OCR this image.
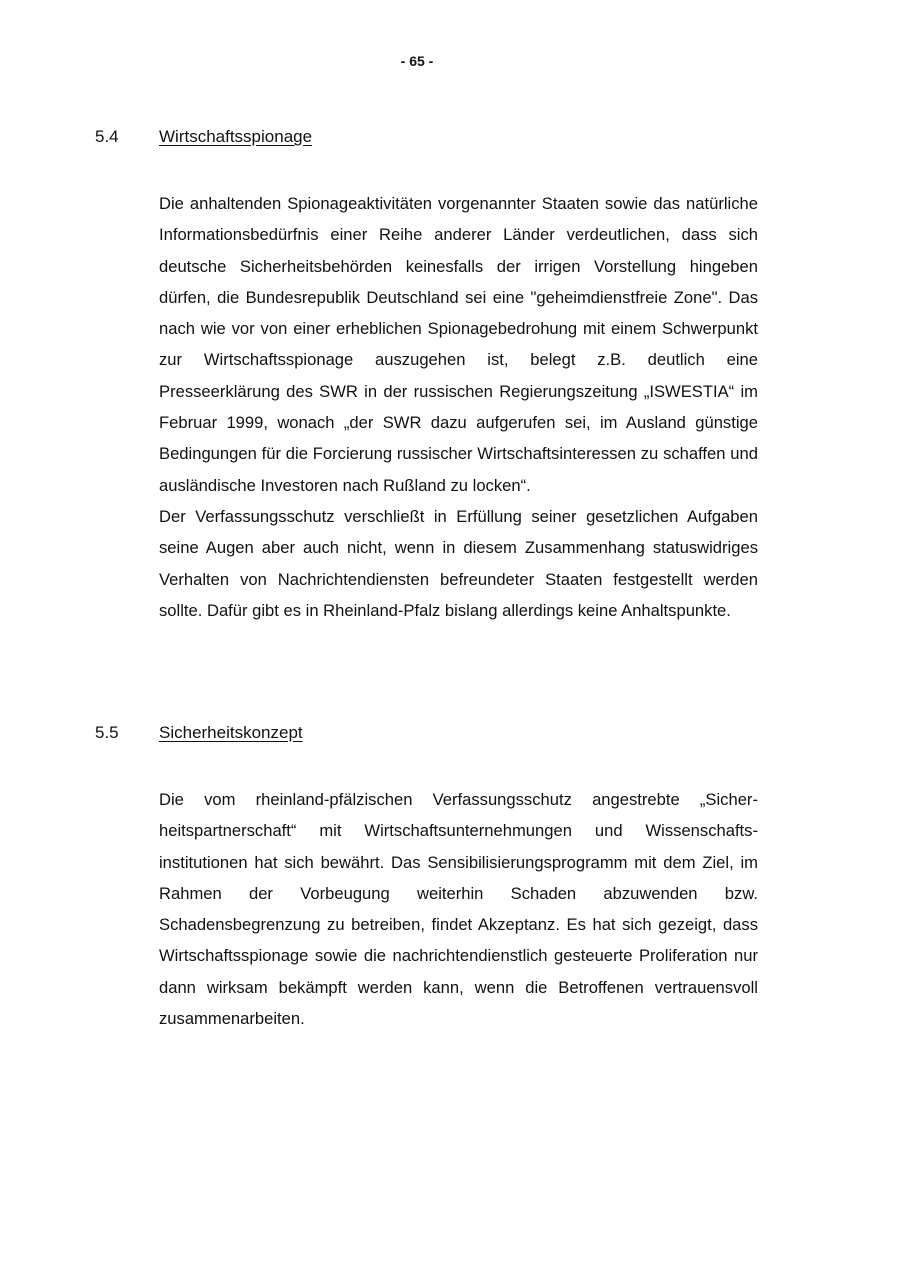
- 65 -
5.4	Wirtschaftsspionage

Die anhaltenden Spionageaktivitäten vorgenannter Staaten sowie das natürliche Informationsbedürfnis einer Reihe anderer Länder verdeutlichen, dass sich deutsche Sicherheitsbehörden keinesfalls der irrigen Vorstellung hingeben dürfen, die Bundesrepublik Deutschland sei eine "geheimdienstfreie Zone". Das nach wie vor von einer erheblichen Spionagebedrohung mit einem Schwerpunkt zur Wirtschaftsspionage auszugehen ist, belegt z.B. deutlich eine Presseerklärung des SWR in der russischen Regierungszeitung „ISWESTIA“ im Februar 1999, wonach „der SWR dazu aufgerufen sei, im Ausland günstige Bedingungen für die Forcierung russischer Wirtschaftsinteressen zu schaffen und ausländische Investoren nach Rußland zu locken“.

Der Verfassungsschutz verschließt in Erfüllung seiner gesetzlichen Aufgaben seine Augen aber auch nicht, wenn in diesem Zusammenhang statuswidriges Verhalten von Nachrichtendiensten befreundeter Staaten festgestellt werden sollte. Dafür gibt es in Rheinland-Pfalz bislang allerdings keine Anhaltspunkte.

5.5	Sicherheitskonzept

Die vom rheinland-pfälzischen Verfassungsschutz angestrebte „Sicherheitspartnerschaft“ mit Wirtschaftsunternehmungen und Wissenschaftsinstitutionen hat sich bewährt. Das Sensibilisierungsprogramm mit dem Ziel, im Rahmen der Vorbeugung weiterhin Schaden abzuwenden bzw. Schadensbegrenzung zu betreiben, findet Akzeptanz. Es hat sich gezeigt, dass Wirtschaftsspionage sowie die nachrichtendienstlich gesteuerte Proliferation nur dann wirksam bekämpft werden kann, wenn die Betroffenen vertrauensvoll zusammenarbeiten.
